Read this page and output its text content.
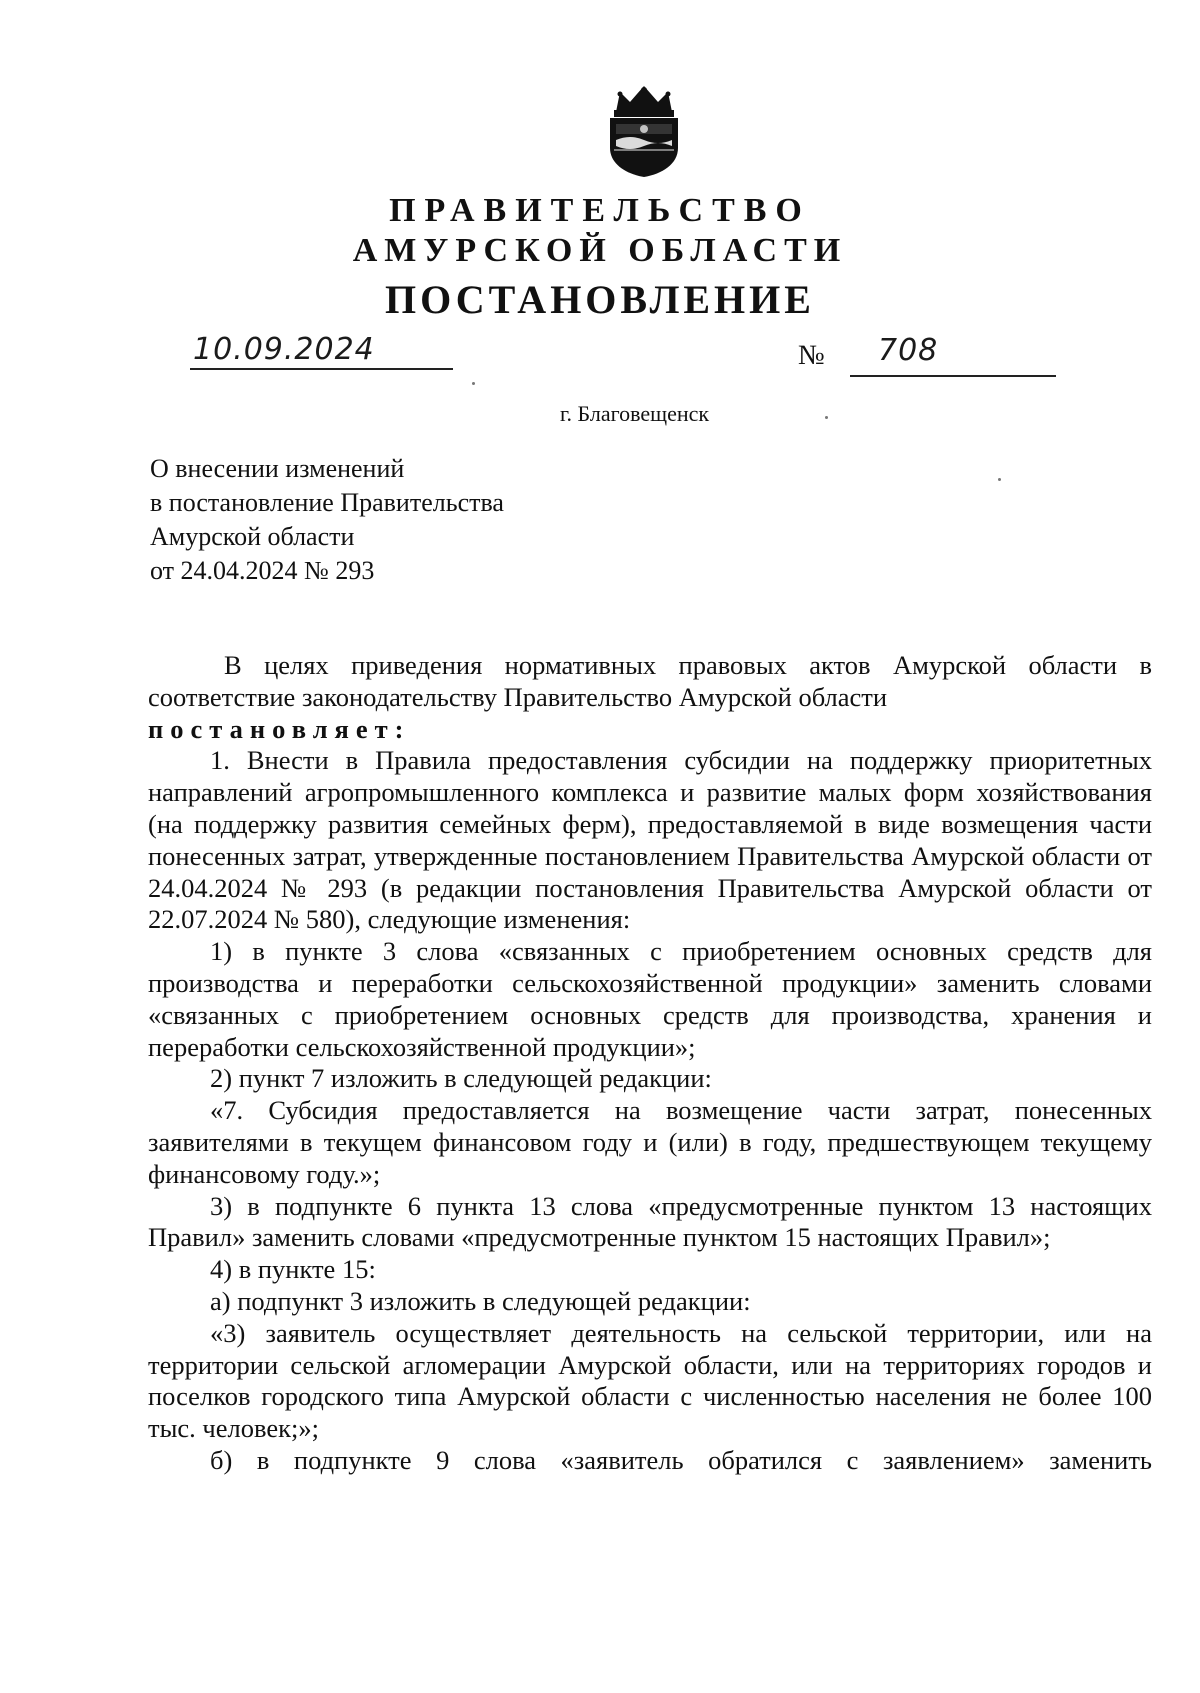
ПРАВИТЕЛЬСТВО
АМУРСКОЙ ОБЛАСТИ
ПОСТАНОВЛЕНИЕ
10.09.2024	№ 708
г. Благовещенск
О внесении изменений
в постановление Правительства
Амурской области
от 24.04.2024 № 293

В целях приведения нормативных правовых актов Амурской области в соответствие законодательству Правительство Амурской области

постановляет:

1. Внести в Правила предоставления субсидии на поддержку приоритетных направлений агропромышленного комплекса и развитие малых форм хозяйствования (на поддержку развития семейных ферм), предоставляемой в виде возмещения части понесенных затрат, утвержденные постановлением Правительства Амурской области от 24.04.2024 № 293 (в редакции постановления Правительства Амурской области от 22.07.2024 № 580), следующие изменения:

1) в пункте 3 слова «связанных с приобретением основных средств для производства и переработки сельскохозяйственной продукции» заменить словами «связанных с приобретением основных средств для производства, хранения и переработки сельскохозяйственной продукции»;

2) пункт 7 изложить в следующей редакции:

«7. Субсидия предоставляется на возмещение части затрат, понесенных заявителями в текущем финансовом году и (или) в году, предшествующем текущему финансовому году.»;

3) в подпункте 6 пункта 13 слова «предусмотренные пунктом 13 настоящих Правил» заменить словами «предусмотренные пунктом 15 настоящих Правил»;

4) в пункте 15:

а) подпункт 3 изложить в следующей редакции:

«3) заявитель осуществляет деятельность на сельской территории, или на территории сельской агломерации Амурской области, или на территориях городов и поселков городского типа Амурской области с численностью населения не более 100 тыс. человек;»;

б) в подпункте 9 слова «заявитель обратился с заявлением» заменить
